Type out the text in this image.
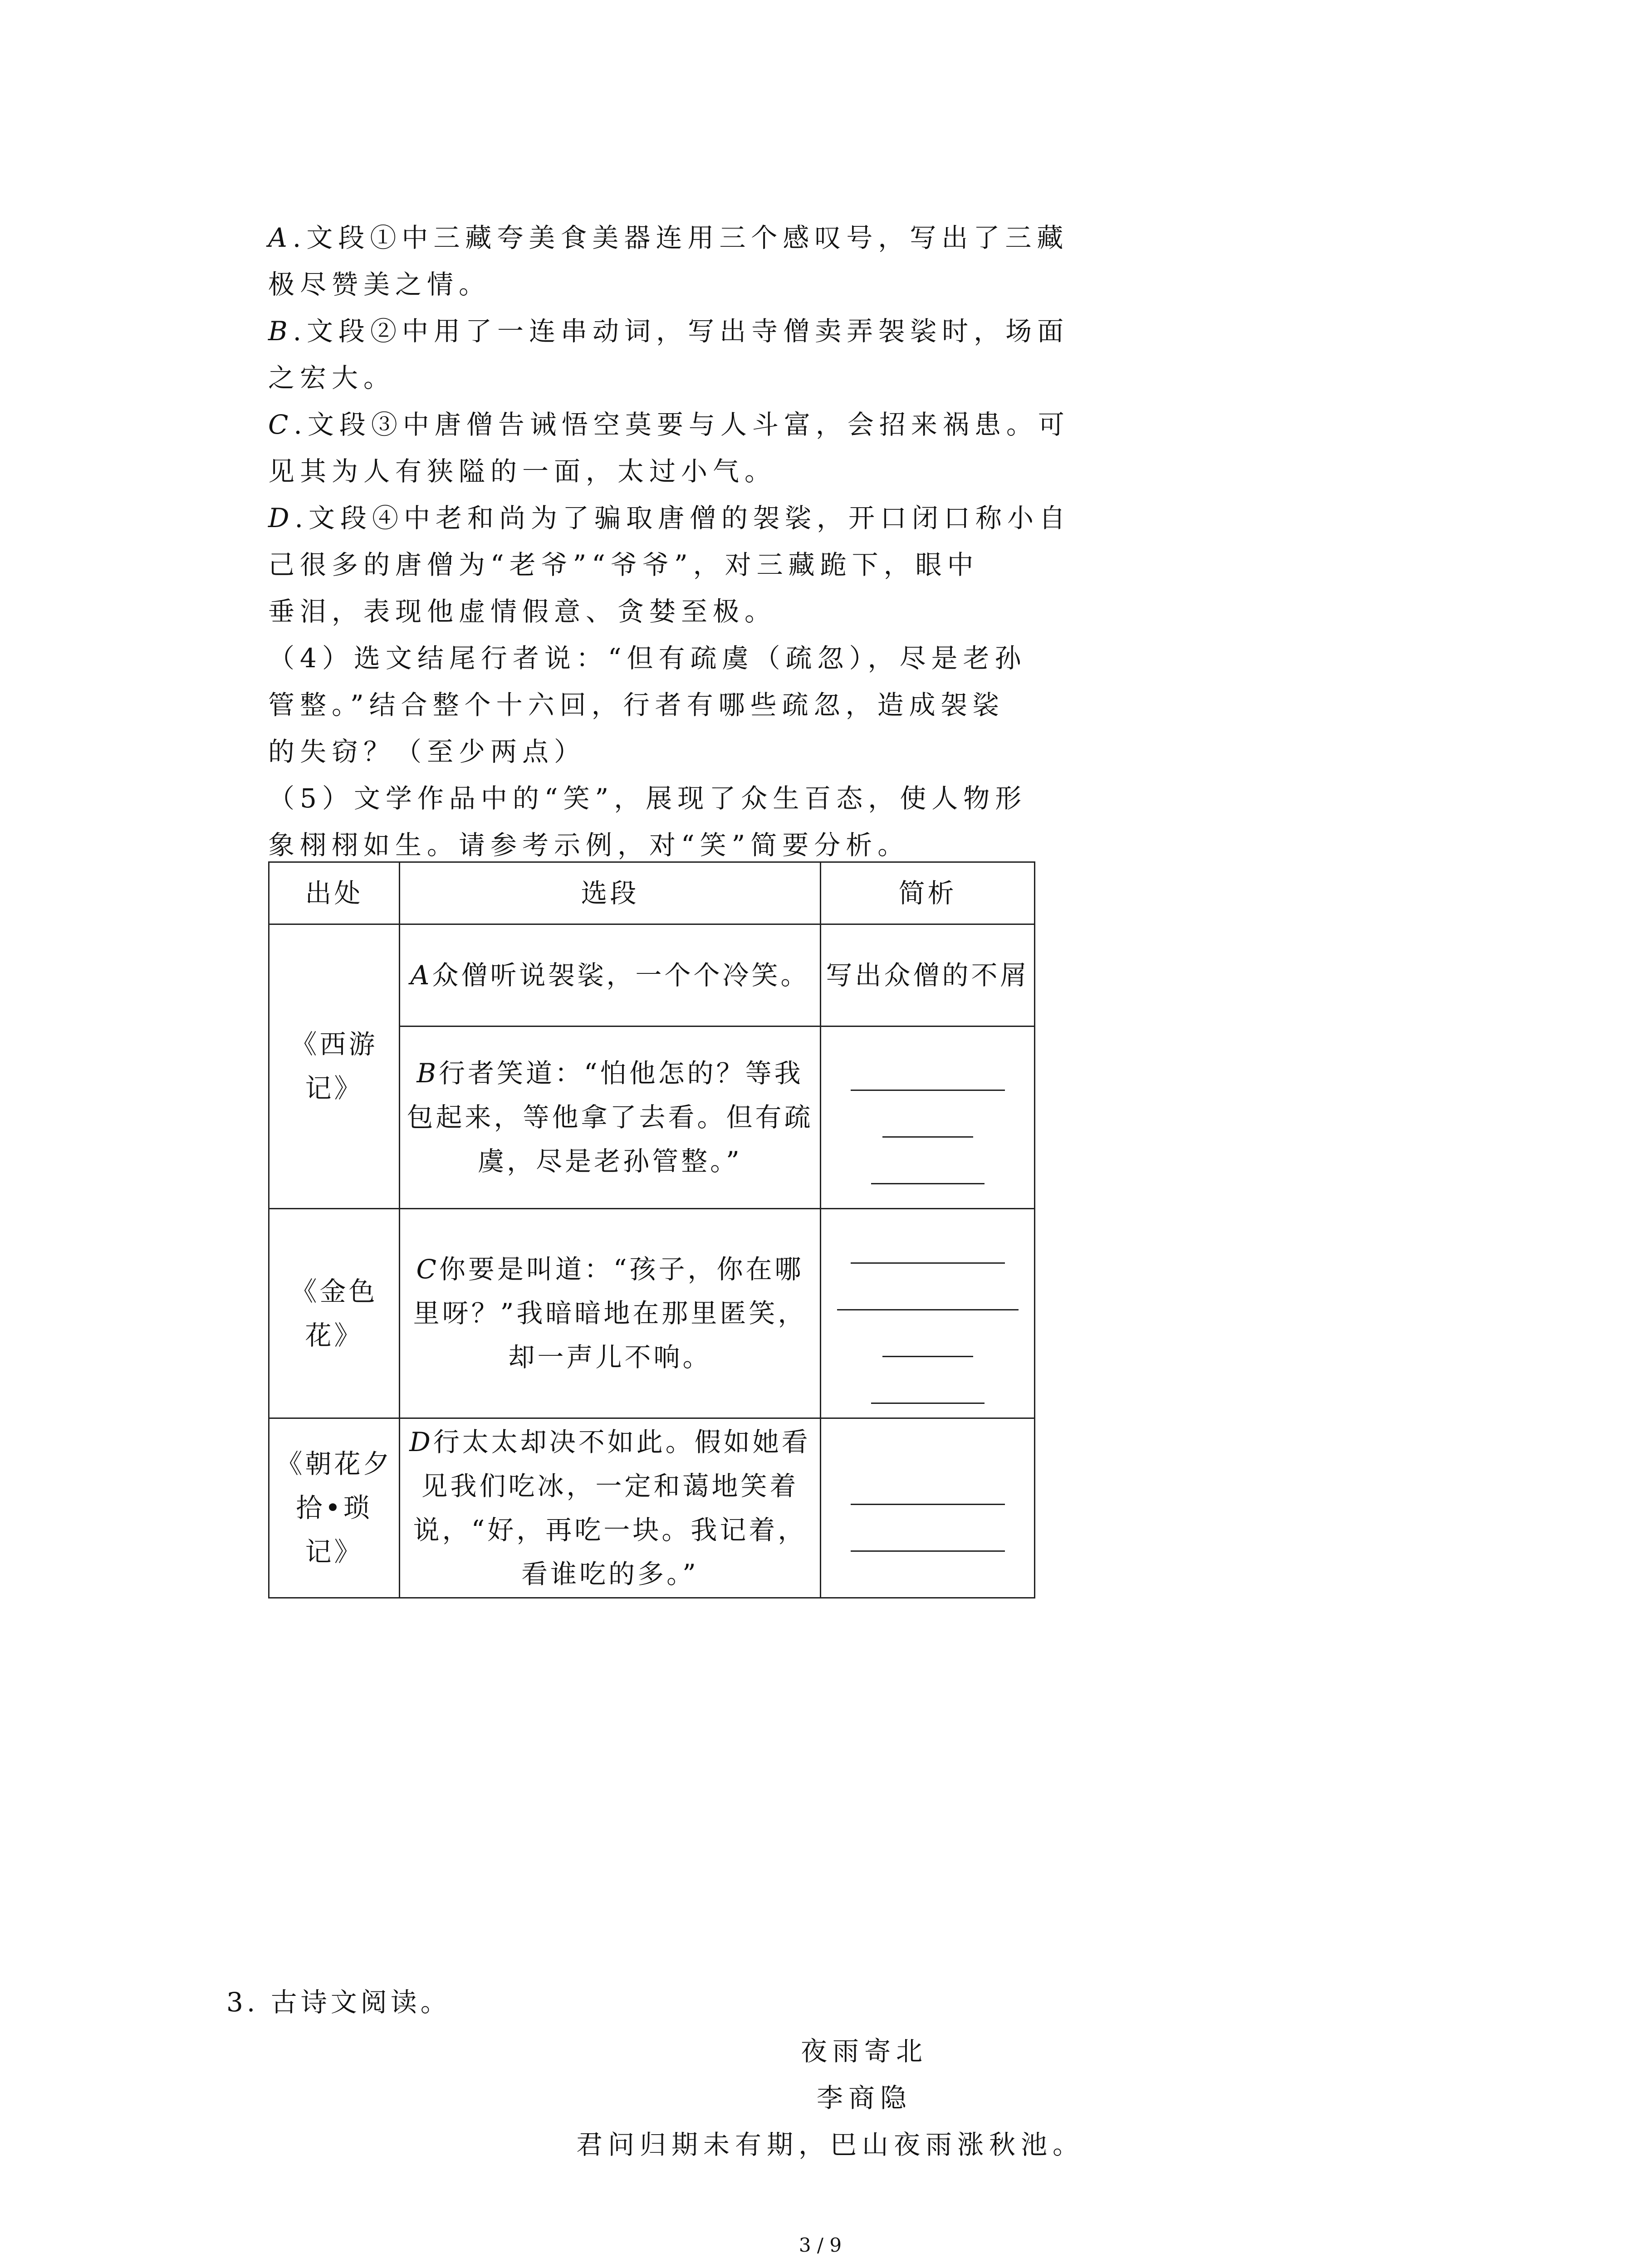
A.文段①中三藏夸美食美器连用三个感叹号，写出了三藏
极尽赞美之情。
B.文段②中用了一连串动词，写出寺僧卖弄袈裟时，场面
之宏大。
C.文段③中唐僧告诫悟空莫要与人斗富，会招来祸患。可
见其为人有狭隘的一面，太过小气。
D.文段④中老和尚为了骗取唐僧的袈裟，开口闭口称小自
己很多的唐僧为“老爷”“爷爷”，对三藏跪下，眼中
垂泪，表现他虚情假意、贪婪至极。
（4）选文结尾行者说：“但有疏虞（疏忽），尽是老孙
管整。”结合整个十六回，行者有哪些疏忽，造成袈裟
的失窃？（至少两点）
（5）文学作品中的“笑”，展现了众生百态，使人物形
象栩栩如生。请参考示例，对“笑”简要分析。
出处	选段	简析
《西游记》	A众僧听说袈裟，一个个冷笑。	写出众僧的不屑
	B行者笑道：“怕他怎的？等我包起来，等他拿了去看。但有疏虞，尽是老孙管整。”	

《金色花》	C你要是叫道：“孩子，你在哪里呀？”我暗暗地在那里匿笑，却一声儿不响。	

《朝花夕拾•琐记》	D行太太却决不如此。假如她看见我们吃冰，一定和蔼地笑着说，“好，再吃一块。我记着，看谁吃的多。”	
3. 古诗文阅读。
夜雨寄北
李商隐
君问归期未有期，巴山夜雨涨秋池。
3 / 9
